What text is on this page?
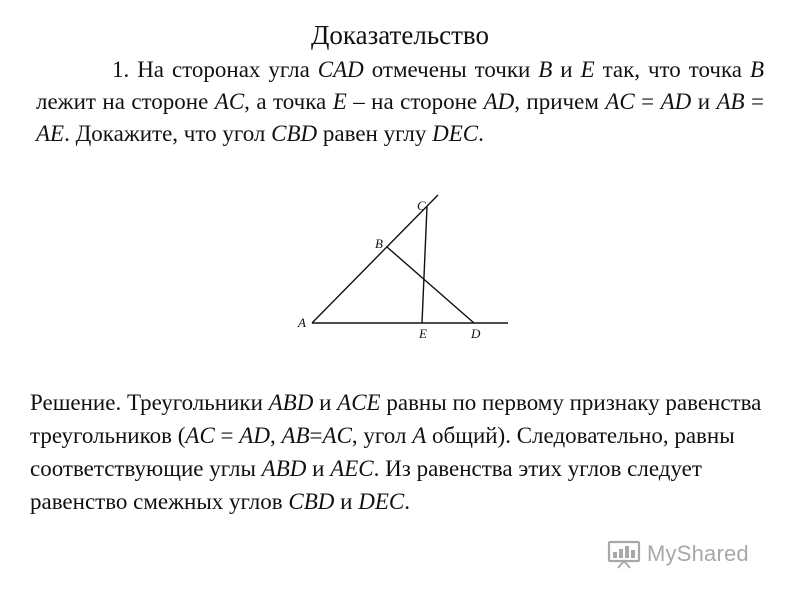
Доказательство

1. На сторонах угла CAD отмечены точки B и E так, что точка B лежит на стороне AC, а точка E – на стороне AD, причем AC = AD и AB = AE. Докажите, что угол CBD равен углу DEC.

A
B
C
D
E

Решение. Треугольники ABD и ACE равны по первому признаку равенства треугольников (AC = AD, AB=AC, угол A общий). Следовательно, равны соответствующие углы ABD и AEC. Из равенства этих углов следует равенство смежных углов CBD и DEC.

MyShared
